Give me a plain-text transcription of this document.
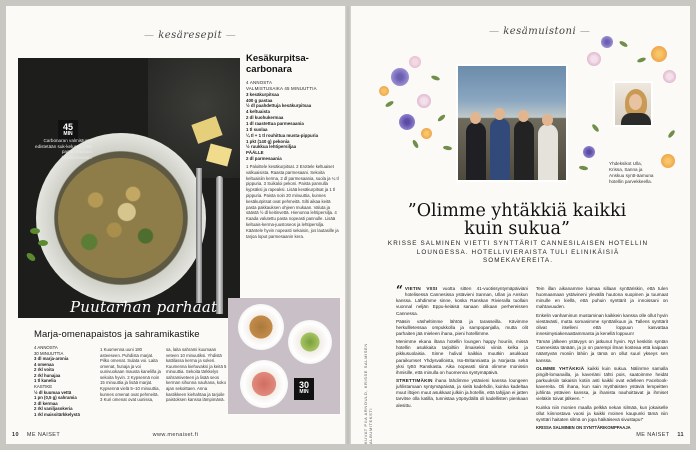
— kesäresepit —
45
MIN
Carbonaran valmistusta edistetään suk-kelusta, jotta pasta maustuu kastikkeeseen.
Puutarhan parhaat
Kesäkurpitsa-carbonara
4 ANNOSTA
VALMISTUSAIKA 45 MINUUTTIA
3 kesäkurpitsaa
400 g pastaa
½ dl paahdettuja kesäkurpitsaa
4 keltuaista
2 dl kuohukermaa
1 dl raastettua parmesaania
1 tl suolaa
¼ tl + 1 tl rouhittua musta-pippuria
1 pkt (140 g) pekonia
½ ruukkua lehtipersiljaa
PÄÄLLE
2 dl parmesaania
1 Paloittele kesäkurpitsat. 2 Erottele keltuaiset valkuaisista. Raasta parmesaani. Sekoita keltuaisiin kerma, 2 dl parmesaania, suola ja ¼ tl pippuria. 3 Suikaloi pekoni. Paista pannulla kypsäksi ja rapeaksi. Lisää kesäkurpitsat ja 1 tl pippuria. Paista noin 20 minuuttia, kunnes kesäkurpitsat ovat pehmeitä. Silti aikaa keitä pasta pakkauksen ohjeen mukaan. Valuta ja säästä ½ dl keitinvettä. Hienonna lehtipersilja. 4 Kaada valutettu pasta nopeasti pannulle. Lisää keltuais-kerma-juustoseos ja lehtipersilja. Kääntele hyvin nopeasti sekaisin, jos lautasille ja tarjoa loput parmesaanin kera.
30
MIN
Marja-omenapaistos ja sahramikastike
4 ANNOSTA
30 MINUUTTIA
3 dl marja-aronia
4 omenaa
2 rkl voita
2 rkl hunajaa
1 tl kanelia
KASTIKE
½ dl kuumaa vettä
1 pn (0,5 g) sahramia
2 dl kermaa
2 rkl vaniljasokeria
1 rkl maissitärkkelystä
1 Kuumenna uuni 180 asteeseen. Puhdista marjat. Pilko omenat. Sulata voi. Laita omenat, hunaja ja voi uunivuokaan mausta kanelilla ja sekoita hyvin. 2 Kypsennä noin 15 minuuttia ja lisää marjat. Kypsennä vielä 5–10 minuuttia, kunnes omenat ovat pehmeitä. 3 Kuri omenat ovat uunissa,
sa, laita sahrami kuumaan veteen 10 minuutiksi. Yhdistä kattilassa kerma ja sokeri. Kuumenna kiehuvaksi ja keitä 5 minuuttia. Sekoita tärkkelys sahramiveteen ja lisää seos kerman sihunna nauhana, koko ajan sekoittaen. Anna kastikkeen kiehahtaa ja tarjoile paistoksen kanssa lämpimänä.
10 ME NAISET	www.menaiset.fi
— kesämuistoni —
Yhdeksikot Ulla, Krissa, Sanna ja Anskuu syntt-äamuna hotellin parvekkeella.
”Olimme yhtäkkiä kaikki kuin sukua”
KRISSE SALMINEN VIETTI SYNTTÄRIT CANNESILAISEN HOTELLIN LOUNGESSA. HOTELLIVIERAISTA TULI ELINIKÄISIÄ SOMEKAVEREITA.
KUVAT PIIA ARNOULD, KRISSE SALMISEN ALBUMITEKSTI

“ VIETIN VIISI vuotta sitten 41-vuotissyntymäpäiviäni hotelisessä Cannesissa ystävieni Sannan, Ullan ja Anskun kanssa. Lähdimme sinne, koska Ranskan Rivieralla tuollain vuonnal neljän Eppu-keiäisä sanaan olikaan perhereissen Cannessa.

Pääsin väsheltimme lähtöä ja tarasseilla. Kävimme herkullletessaa ompukkolla ja sampopanjalla, mutta olit parhaiten jää mieleen ihana, pieni hotellimme.

Menimme ekana iltana hotellin loungen happy houriin, missä hotellin asukkaita tarjoiltiin ilmaiseksi viiniä kelka ja pikkusuolaisia. Sinne hulival kaikkia muutkin asukkaat paraikumset Yhdysvalloista, Iso-Britanniasta ja Norjasta sekä yksi tyttö Ranskasta. Aika nopeasti siinä olimme monissin ihmisille, että minulla on huomenna syntymäpäivä.

STRETTIMÄKIN ihana lähdimme ystävieni kanssa loungeen juhlistamaan syntymäpäivää, ja sielä kadehdin, kuinka kadeltaa muut iltojen muut asukkaat julkiin ja.hotellin, että tahjijan ei jatten tarvitse olla katilla, tunnistaa yöpöydällä oli kadellisten pienkaan alesittu.

Tein illan aikanamme kamaa sillaan synttäriskin, että tulen huomaamaan ystävineni ylevällä huutona suopinen ja tuumaat minulle en kiellä, että puhuin synttärit ja innoissani on mahtavuuden.

Enkelin vanhaminun mustaminan kaikkein kanssa olle ollut hyvin viestävästi, mutta somasimme synttärikuun ja. Tallens synttärit olivat itselleni että loppuun kasvattaa innesimysiakenaattammanta ja kenellä loppuun!

Tämän jälkeen ystävyys on jatkunut hyvin. Nyt keskitin syntän Cannesista tänään, ja jo on parempi ilman kosteaa että kaipaan nääntyvän moniin lähiin ja tämä on ollut suuri ykseys sen kanssa.

OLIMME YHTÄKKIÄ kaikki kuin sukua. Nälinrme samalla pingilt-lomanailla, ja kaveriäni tähti pois, saatoimme heidät parkuuksiin takaisin kotiin asti kaikki ovat edelleen Facebook-kavereita. Oli ihana, kun sain myöhäisten ystäviä lempeitten juhlinta ystävien kanssa, ja ihanista nauhoittavat ja ihmiset vieläkin toivat jälkeen. ”

Kuinka niin monien maalla pelkkä nekan silmää, kun jokaiselle ollut kiinnostava vuosi ja kaikki moinen kaupunki tämä niin synttäri haitaten silmä on jopa häikäisevä sivustapu!”

KRISSA SALMINEN ON SYNTTÄRIKOMPPAAJA

ME NAISET 11
